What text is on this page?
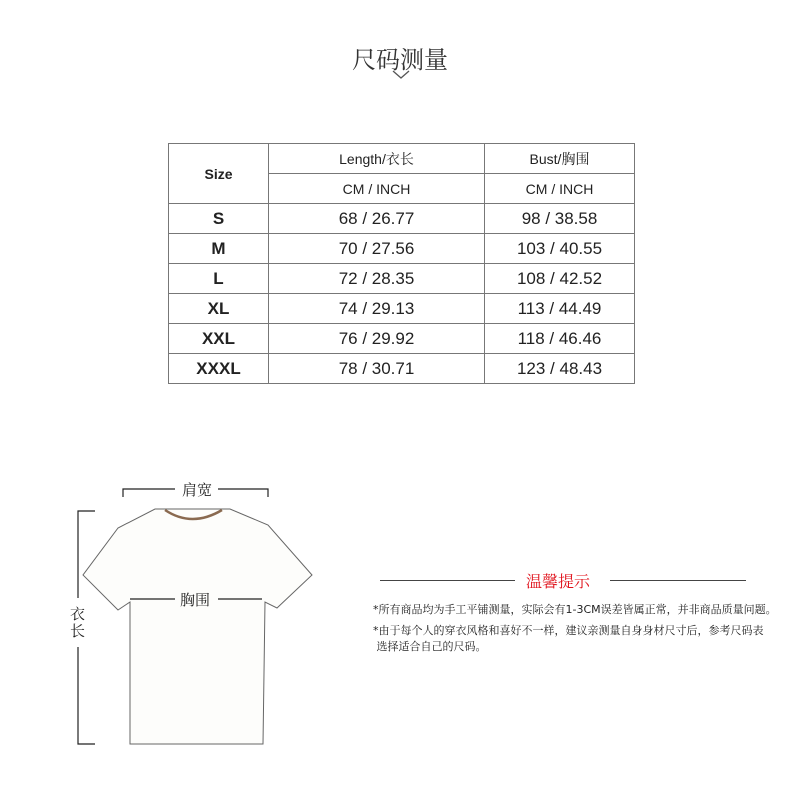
尺码测量
Size	Length/衣长	Bust/胸围
	CM / INCH	CM / INCH
S	68 / 26.77	98 / 38.58
M	70 / 27.56	103 / 40.55
L	72 / 28.35	108 / 42.52
XL	74 / 29.13	113 / 44.49
XXL	76 / 29.92	118 / 46.46
XXXL	78 / 30.71	123 / 48.43
肩宽
胸围
衣
长
温馨提示
*所有商品均为手工平铺测量，实际会有1-3CM误差皆属正常，并非商品质量问题。
*由于每个人的穿衣风格和喜好不一样，建议亲测量自身身材尺寸后，参考尺码表
选择适合自己的尺码。
